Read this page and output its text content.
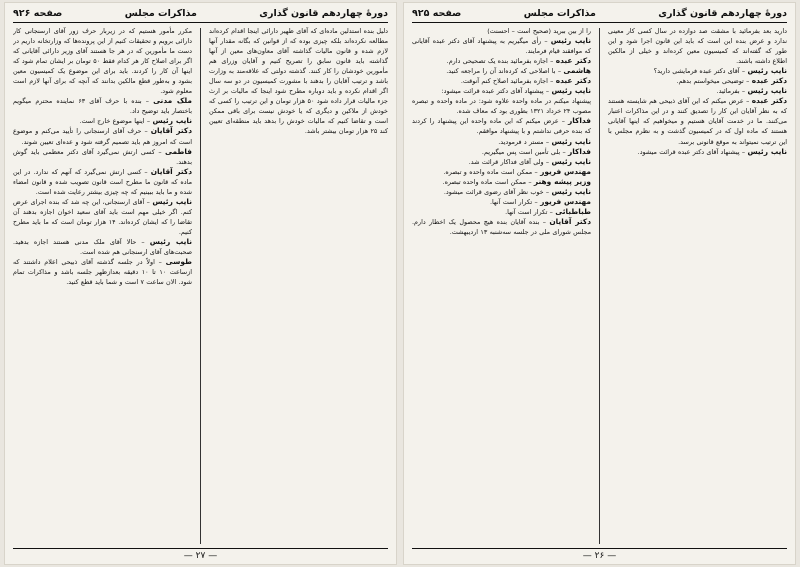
دورهٔ چهاردهم قانون گذاری
مذاکرات مجلس
صفحه ۹۲۶

دلیل بنده استدلین ماده‌ای که آقای ظهیر دارائی اینجا اقدام کرده‌اند مطالعه نکرده‌اند بلکه چیزی بوده که از قوانین که بگانه مقدار آنها لازم شده و قانون مالیات گذاشته آقای معاون‌های معین از آنها گذاشته باید قانون سابق را تصریح کنیم و آقایان وزرای هم مأمورین خودشان را کار کنند. گذشته دولتی که علاقه‌مند به وزارت باشد و ترتیب آقایان را بدهند با مشورت کمیسیون در دو سه سال اگر اقدام نکرده و باید دوباره مطرح شود اینجا که مالیات بر ارث جزء مالیات قرار داده شود ۵۰ هزار تومان و این ترتیب را کسی که خودش از ملاکین و دیگری که یا خودش نیست برای باقی ممکن است و تقاضا کنیم که مالیات خودش را بدهد باید منطقه‌ای تعیین کند ۲۵ هزار تومان بیشتر باشد.

مکرر مأمور هستیم که در زیربار حرف زور آقای ارسنجانی کار دارائی برویم و تحقیقات کنیم از این پرونده‌ها که وزارتخانه داریم در دست ما مأمورین که در هر جا هستند آقای وزیر دارائی آقایانی که اگر برای اصلاح کار هر کدام فقط ۵۰ تومان بر ایشان تمام شود که اینها آن کار را کردند. باید برای این موضوع یک کمیسیون معین بشود و به‌طور قطع مالکین بدانند که آنچه که برای آنها لازم است معلوم شود.

ملک مدنی – بنده با حرف آقای ۶۳ نماینده محترم میگویم باختصار باید توضیح داد.

نایب رئیس – اینها موضوع خارج است.

دکتر آقایان – حرف آقای ارسنجانی را تأیید می‌کنم و موضوع است که امروز هم باید تصمیم گرفته شود و عده‌ای تعیین شوند.

فاطمی – کسی ارتش نمی‌گیرد آقای دکتر معظمی باید گوش بدهند.

دکتر آقایان – کسی ارتش نمی‌گیرد که آنهم که ندارد. در این ماده که قانون ما مطرح است قانون تصویب شده و قانون امضاء شده و ما باید ببینیم که چه چیزی بیشتر رعایت شده است.

نایب رئیس – آقای ارسنجانی، این چه شد که بنده اجرای عرض کنم. اگر خیلی مهم است باید آقای سعید اخوان اجازه بدهند آن تقاضا را که ایشان کرده‌اند. ۱۴ هزار تومان است که ما باید مطرح کنیم.

نایب رئیس – حالا آقای ملک مدنی هستند اجازه بدهید. صحبت‌های آقای ارسنجانی هم شده است.

طوسی – اولاً در جلسه گذشته آقای ذبیحی اعلام داشتند که ازساعت ۱۰ تا ۱۰ دقیقه بعدازظهر جلسه باشد و مذاکرات تمام شود. الان ساعت ۷ است و شما باید قطع کنید.

— ۲۷ —
دورهٔ چهاردهم قانون گذاری
مذاکرات مجلس
صفحه ۹۲۵

دارید بعد بفرمائید با مشقت صد دوازده در سال کسی کار معینی ندارد و عرض بنده این است که باید این قانون اجرا شود و این طور که گفته‌اند که کمیسیون معین کرده‌اند و خیلی از مالکین اطلاع داشته باشند.

نایب رئیس – آقای دکتر عبده فرمایشی دارید؟

دکتر عبده – توضیحی میخواستم بدهم.

نایب رئیس – بفرمائید.

دکتر عبده – عرض میکنم که این آقای ذبیحی هم شایسته هستند که به نظر آقایان این کار را تصدیق کنند و در این مذاکرات اعتبار می‌کنند. ما در خدمت آقایان هستیم و میخواهیم که اینها آقایانی هستند که ماده اول که در کمیسیون گذشت و به نظرم مجلس با این ترتیب نمیتواند به موقع قانونی برسد.

نایب رئیس – پیشنهاد آقای دکتر عبده قرائت میشود.

را از بین ببرید (صحیح است – احسنت)

نایب رئیس – رأی میگیریم به پیشنهاد آقای دکتر عبده آقایانی که موافقند قیام فرمایند.

دکتر عبده – اجازه بفرمائید بنده یک تصحیحی دارم.

هاشمی – با اصلاحی که کرده‌اند آن را مراجعه کنید.

دکتر عبده – اجازه بفرمائید اصلاح کنم آنوقت.

نایب رئیس – پیشنهاد آقای دکتر عبده قرائت میشود:

پیشنهاد میکنم در ماده واحده علاوه شود: در ماده واحده و تبصره مصوب ۲۴ خرداد ۱۳۲۱ بطوری بود که معاف شده.

فداکار – عرض میکنم که این ماده واحده این پیشنهاد را کردند که بنده حرفی نداشتم و با پیشنهاد موافقم.

نایب رئیس – مستر د فرمودید.

فداکار – بلی تأمین است پس میگیریم.

نایب رئیس – ولی آقای فداکار قرائت شد.

مهندس فریور – ممکن است ماده واحده و تبصره.

وزیر پیشه وهنر – ممکن است ماده واحده تبصره.

نایب رئیس – خوب نظر آقای رضوی قرائت میشود.

مهندس فریور – تکرار است آنها.

طباطبائی – تکرار است آنها.

دکتر آقایان – بنده آقایان بنده هیچ محصول یک اخطار دارم. مجلس شورای ملی در جلسه سه‌شنبه ۱۳ اردیبهشت.

— ۲۶ —
